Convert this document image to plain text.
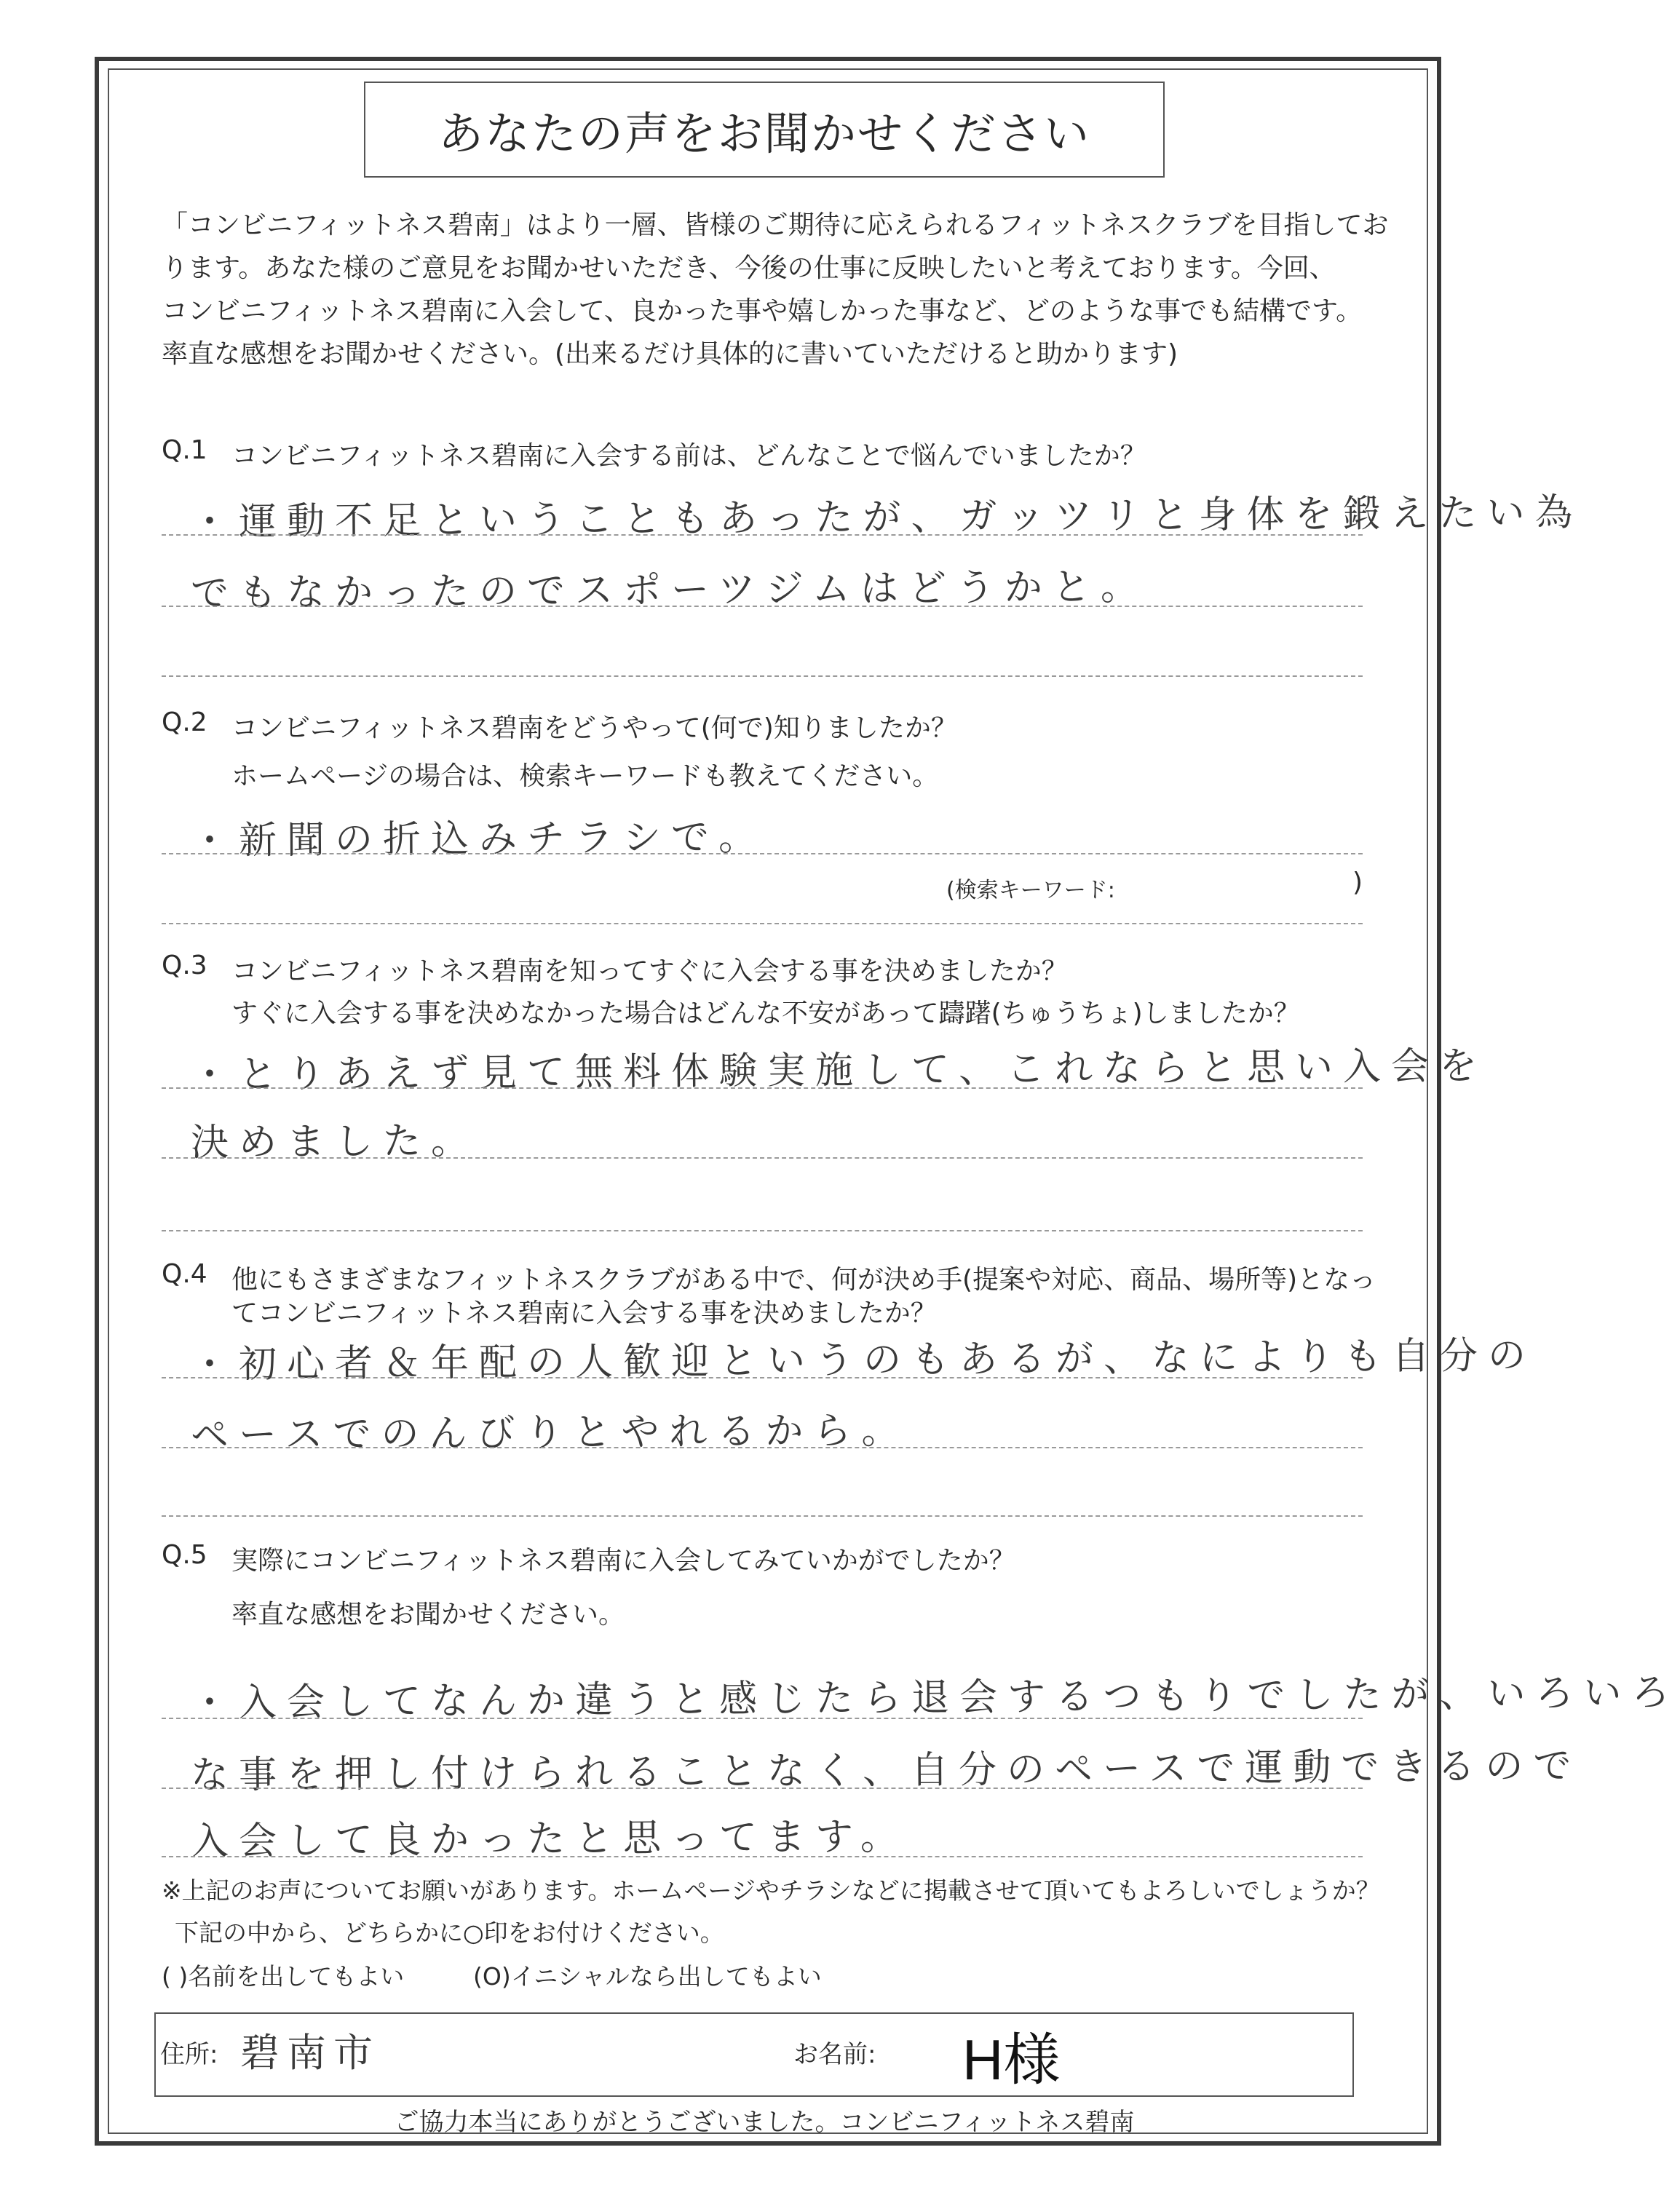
あなたの声をお聞かせください
「コンビニフィットネス碧南」はより一層、皆様のご期待に応えられるフィットネスクラブを目指してお
ります。あなた様のご意見をお聞かせいただき、今後の仕事に反映したいと考えております。今回、
コンビニフィットネス碧南に入会して、良かった事や嬉しかった事など、どのような事でも結構です。
率直な感想をお聞かせください。(出来るだけ具体的に書いていただけると助かります)
Q.1 コンビニフィットネス碧南に入会する前は、どんなことで悩んでいましたか？
・運動不足ということもあったが、ガッツリと身体を鍛えたい為
でもなかったのでスポーツジムはどうかと。
Q.2 コンビニフィットネス碧南をどうやって(何で)知りましたか？
ホームページの場合は、検索キーワードも教えてください。
・新聞の折込みチラシで。
(検索キーワード:	)
Q.3 コンビニフィットネス碧南を知ってすぐに入会する事を決めましたか？
すぐに入会する事を決めなかった場合はどんな不安があって躊躇(ちゅうちょ)しましたか？
・とりあえず見て無料体験実施して、これならと思い入会を
決めました。
Q.4 他にもさまざまなフィットネスクラブがある中で、何が決め手(提案や対応、商品、場所等)となっ
てコンビニフィットネス碧南に入会する事を決めましたか？
・初心者＆年配の人歓迎というのもあるが、なによりも自分の
ペースでのんびりとやれるから。
Q.5 実際にコンビニフィットネス碧南に入会してみていかがでしたか？
率直な感想をお聞かせください。
・入会してなんか違うと感じたら退会するつもりでしたが、いろいろ
な事を押し付けられることなく、自分のペースで運動できるので
入会して良かったと思ってます。
※上記のお声についてお願いがあります。ホームページやチラシなどに掲載させて頂いてもよろしいでしょうか？
下記の中から、どちらかに○印をお付けください。
( )名前を出してもよい	(O)イニシャルなら出してもよい
住所: 碧南市	お名前: H様
ご協力本当にありがとうございました。コンビニフィットネス碧南
